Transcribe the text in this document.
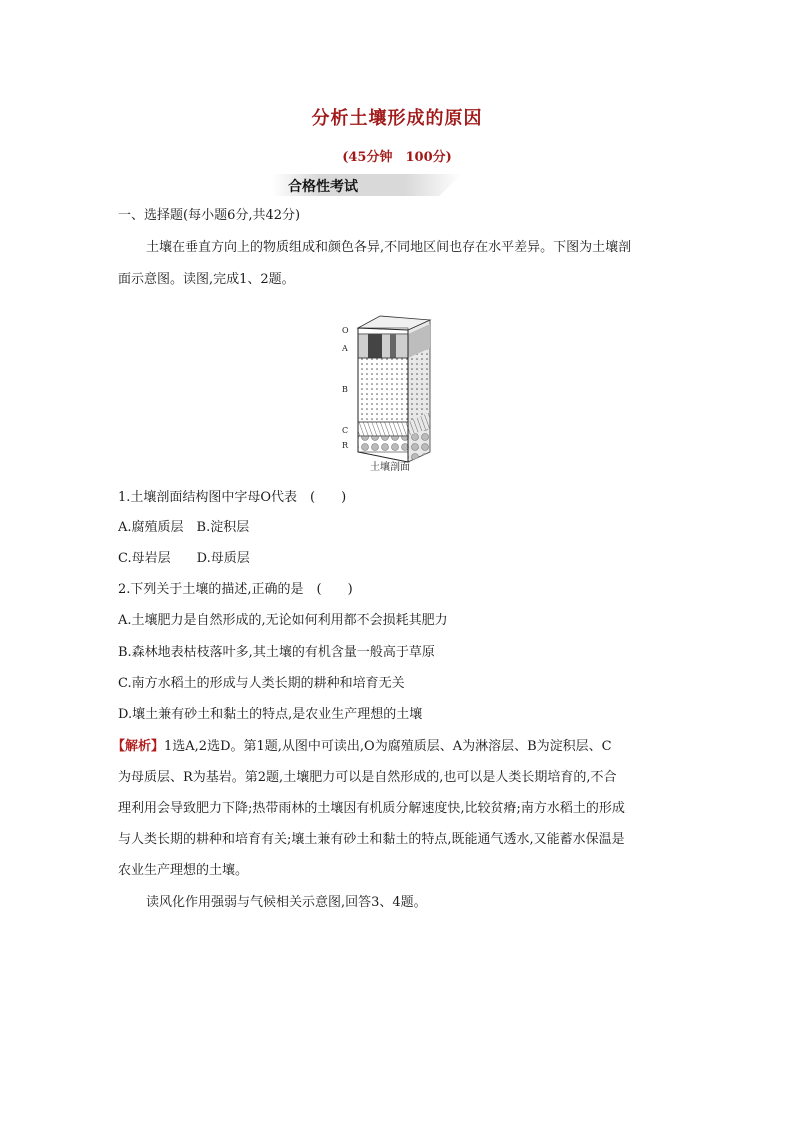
分析土壤形成的原因
(45分钟　100分)
合格性考试
一、选择题(每小题6分,共42分)
土壤在垂直方向上的物质组成和颜色各异,不同地区间也存在水平差异。下图为土壤剖
面示意图。读图,完成1、2题。
O
A
B
C
R
土壤剖面
1.土壤剖面结构图中字母O代表　(　　)
A.腐殖质层　B.淀积层
C.母岩层　　D.母质层
2.下列关于土壤的描述,正确的是　(　　)
A.土壤肥力是自然形成的,无论如何利用都不会损耗其肥力
B.森林地表枯枝落叶多,其土壤的有机含量一般高于草原
C.南方水稻土的形成与人类长期的耕种和培育无关
D.壤土兼有砂土和黏土的特点,是农业生产理想的土壤
【解析】1选A,2选D。第1题,从图中可读出,O为腐殖质层、A为淋溶层、B为淀积层、C
为母质层、R为基岩。第2题,土壤肥力可以是自然形成的,也可以是人类长期培育的,不合
理利用会导致肥力下降;热带雨林的土壤因有机质分解速度快,比较贫瘠;南方水稻土的形成
与人类长期的耕种和培育有关;壤土兼有砂土和黏土的特点,既能通气透水,又能蓄水保温是
农业生产理想的土壤。
读风化作用强弱与气候相关示意图,回答3、4题。
